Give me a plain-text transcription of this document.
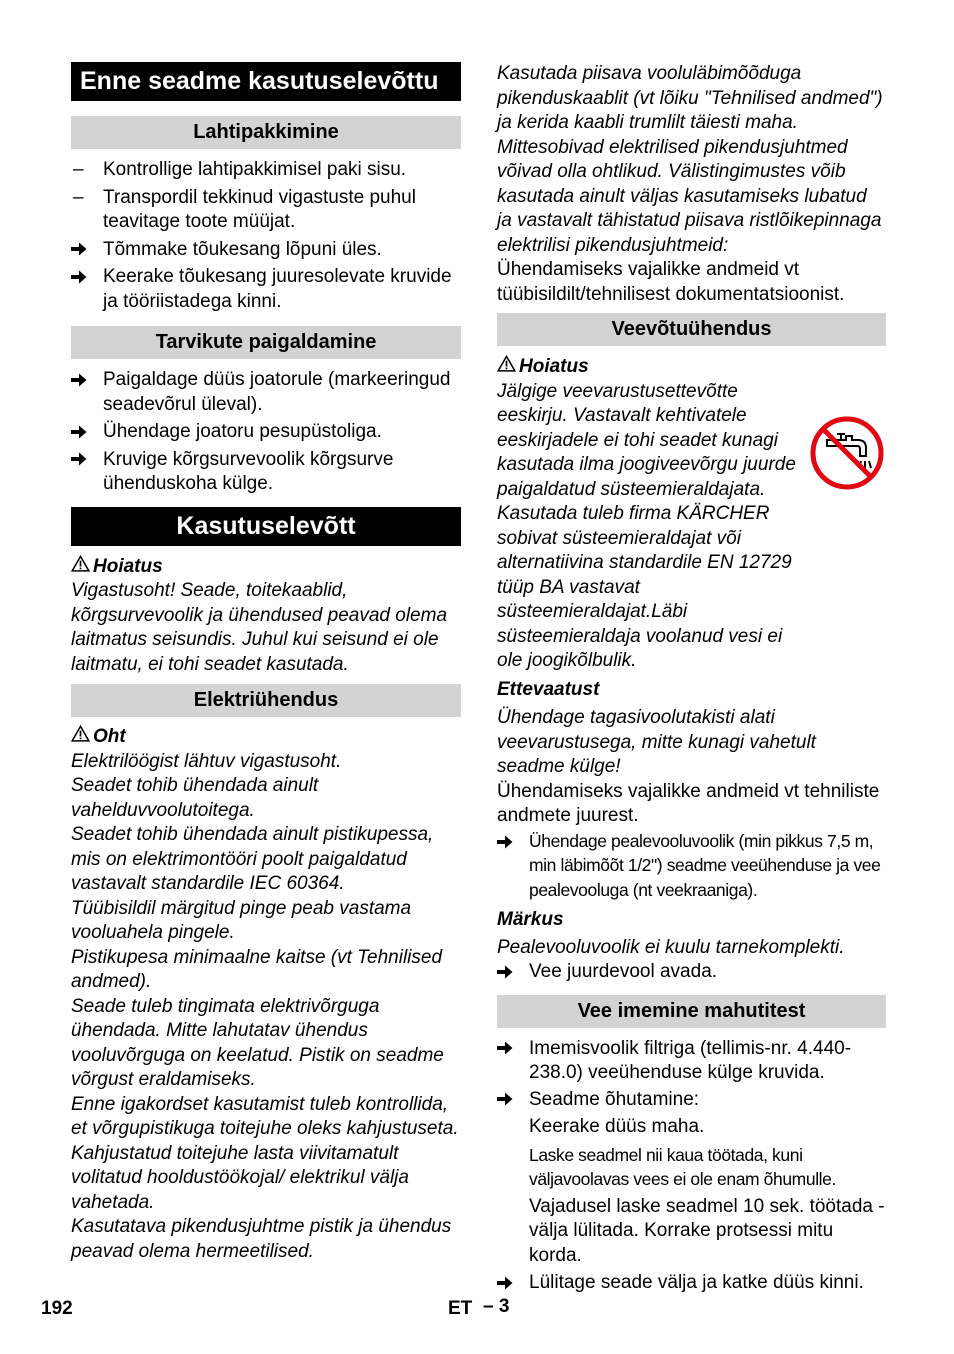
Enne seadme kasutuselevõttu
Lahtipakkimine
– Kontrollige lahtipakkimisel paki sisu.
– Transpordil tekkinud vigastuste puhul teavitage toote müüjat.
Tõmmake tõukesang lõpuni üles.
Keerake tõukesang juuresolevate kruvide ja tööriistadega kinni.
Tarvikute paigaldamine
Paigaldage düüs joatorule (markeeringud seadevõrul üleval).
Ühendage joatoru pesupüstoliga.
Kruvige kõrgsurvevoolik kõrgsurve ühenduskoha külge.
Kasutuselevõtt
Hoiatus

Vigastusoht! Seade, toitekaablid, kõrgsurvevoolik ja ühendused peavad olema laitmatus seisundis. Juhul kui seisund ei ole laitmatu, ei tohi seadet kasutada.

Elektriühendus
Oht

Elektrilöögist lähtuv vigastusoht.

Seadet tohib ühendada ainult vahelduvvoolutoitega.

Seadet tohib ühendada ainult pistikupessa, mis on elektrimontööri poolt paigaldatud vastavalt standardile IEC 60364.

Tüübisildil märgitud pinge peab vastama vooluahela pingele.

Pistikupesa minimaalne kaitse (vt Tehnilised andmed).

Seade tuleb tingimata elektrivõrguga ühendada. Mitte lahutatav ühendus vooluvõrguga on keelatud. Pistik on seadme võrgust eraldamiseks.

Enne igakordset kasutamist tuleb kontrollida, et võrgupistikuga toitejuhe oleks kahjustuseta. Kahjustatud toitejuhe lasta viivitamatult volitatud hooldustöökojal/ elektrikul välja vahetada.

Kasutatava pikendusjuhtme pistik ja ühendus peavad olema hermeetilised.

Kasutada piisava vooluläbimõõduga pikenduskaablit (vt lõiku "Tehnilised andmed") ja kerida kaabli trumlilt täiesti maha. Mittesobivad elektrilised pikendusjuhtmed võivad olla ohtlikud. Välistingimustes võib kasutada ainult väljas kasutamiseks lubatud ja vastavalt tähistatud piisava ristlõikepinnaga elektrilisi pikendusjuhtmeid:

Ühendamiseks vajalikke andmeid vt tüübisildilt/tehnilisest dokumentatsioonist.

Veevõtuühendus
Hoiatus

Jälgige veevarustusettevõtte eeskirju. Vastavalt kehtivatele eeskirjadele ei tohi seadet kunagi kasutada ilma joogiveevõrgu juurde paigaldatud süsteemieraldajata. Kasutada tuleb firma KÄRCHER sobivat süsteemieraldajat või alternatiivina standardile EN 12729 tüüp BA vastavat süsteemieraldajat.Läbi süsteemieraldaja voolanud vesi ei ole joogikõlbulik.

Ettevaatust

Ühendage tagasivoolutakisti alati veevarustusega, mitte kunagi vahetult seadme külge!

Ühendamiseks vajalikke andmeid vt tehniliste andmete juurest.

Ühendage pealevooluvoolik (min pikkus 7,5 m, min läbimõõt 1/2") seadme veeühenduse ja vee pealevooluga (nt veekraaniga).
Märkus

Pealevooluvoolik ei kuulu tarnekomplekti.

Vee juurdevool avada.
Vee imemine mahutitest
Imemisvoolik filtriga (tellimis-nr. 4.440-238.0) veeühenduse külge kruvida.
Seadme õhutamine:

Keerake düüs maha.

Laske seadmel nii kaua töötada, kuni väljavoolavas vees ei ole enam õhumulle.

Vajadusel laske seadmel 10 sek. töötada - välja lülitada. Korrake protsessi mitu korda.

Lülitage seade välja ja katke düüs kinni.
192	ET – 3
